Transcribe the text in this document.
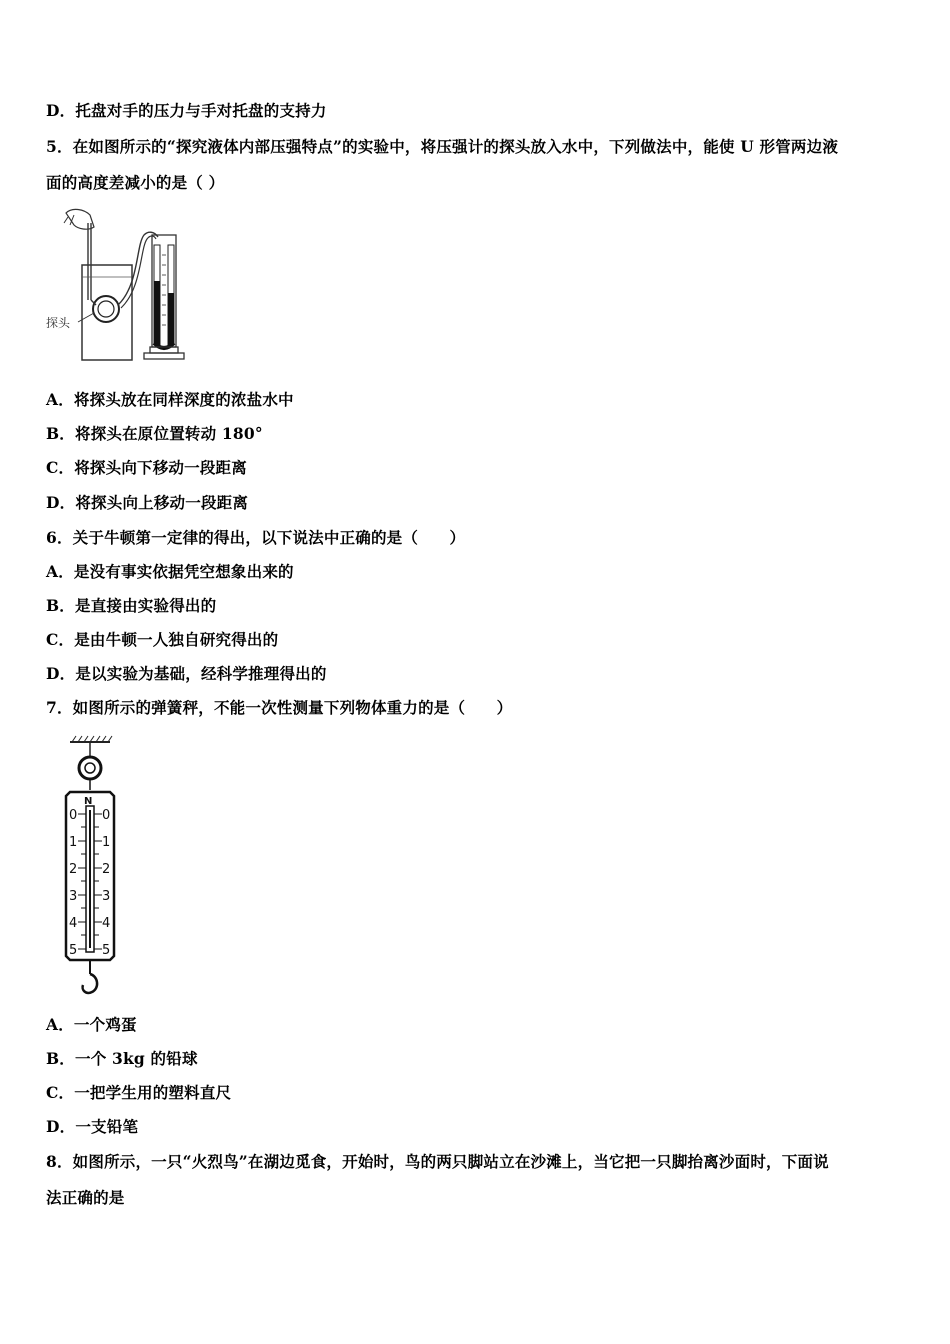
D．托盘对手的压力与手对托盘的支持力
5．在如图所示的“探究液体内部压强特点”的实验中，将压强计的探头放入水中，下列做法中，能使 U 形管两边液
面的高度差减小的是（ ）
探头
A．将探头放在同样深度的浓盐水中
B．将探头在原位置转动 180°
C．将探头向下移动一段距离
D．将探头向上移动一段距离
6．关于牛顿第一定律的得出，以下说法中正确的是（　　）
A．是没有事实依据凭空想象出来的
B．是直接由实验得出的
C．是由牛顿一人独自研究得出的
D．是以实验为基础，经科学推理得出的
7．如图所示的弹簧秤，不能一次性测量下列物体重力的是（　　）
N
0
1
2
3
4
5
0
1
2
3
4
5
A．一个鸡蛋
B．一个 3kg 的铅球
C．一把学生用的塑料直尺
D．一支铅笔
8．如图所示，一只“火烈鸟”在湖边觅食，开始时，鸟的两只脚站立在沙滩上，当它把一只脚抬离沙面时，下面说
法正确的是
